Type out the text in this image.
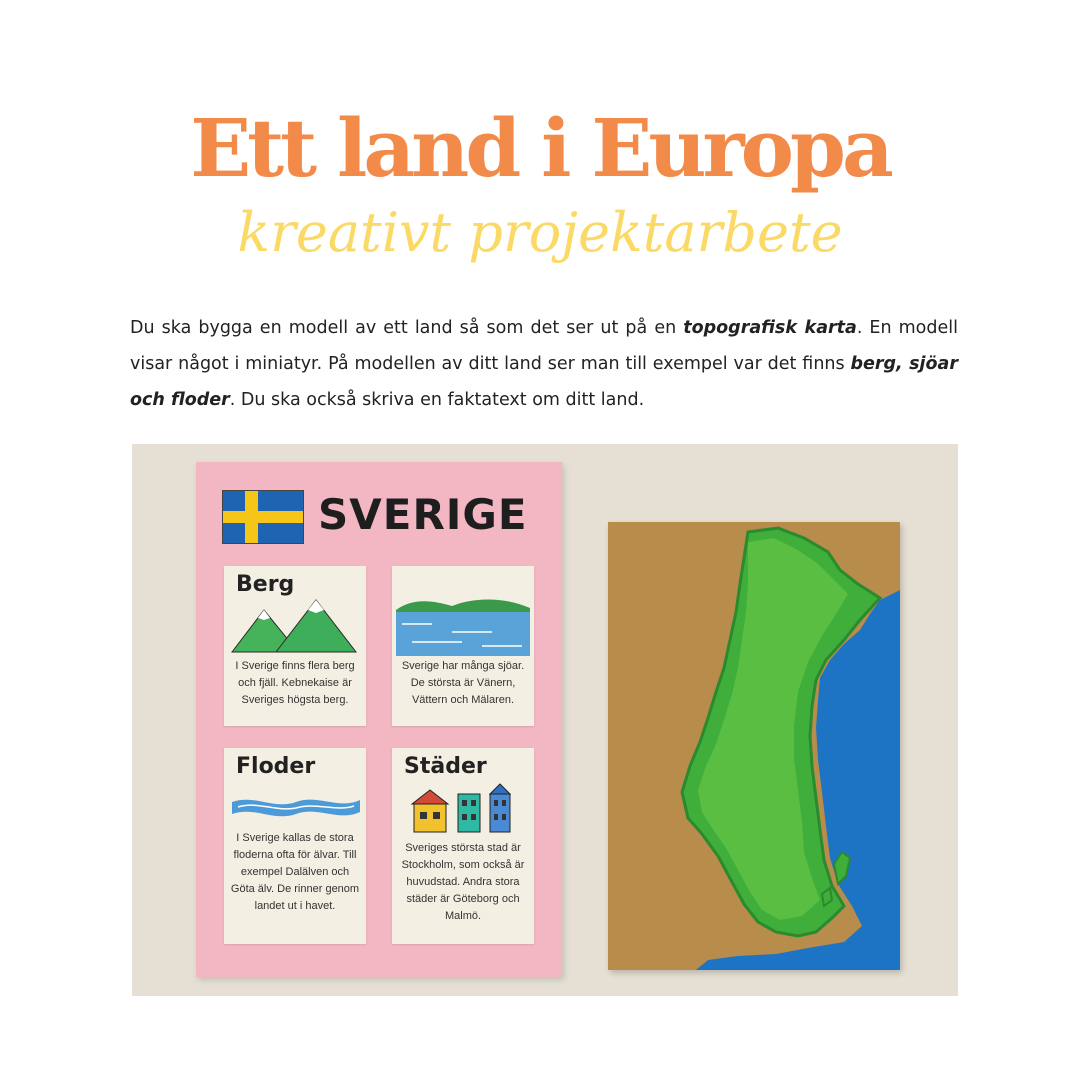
Ett land i Europa
kreativt projektarbete
Du ska bygga en modell av ett land så som det ser ut på en topografisk karta. En modell visar något i miniatyr. På modellen av ditt land ser man till exempel var det finns berg, sjöar och floder. Du ska också skriva en faktatext om ditt land.
SVERIGE
Berg
I Sverige finns flera berg och fjäll. Kebnekaise är Sveriges högsta berg.
Sverige har många sjöar. De största är Vänern, Vättern och Mälaren.
Floder
I Sverige kallas de stora floderna ofta för älvar. Till exempel Dalälven och Göta älv. De rinner genom landet ut i havet.
Städer
Sveriges största stad är Stockholm, som också är huvudstad. Andra stora städer är Göteborg och Malmö.
